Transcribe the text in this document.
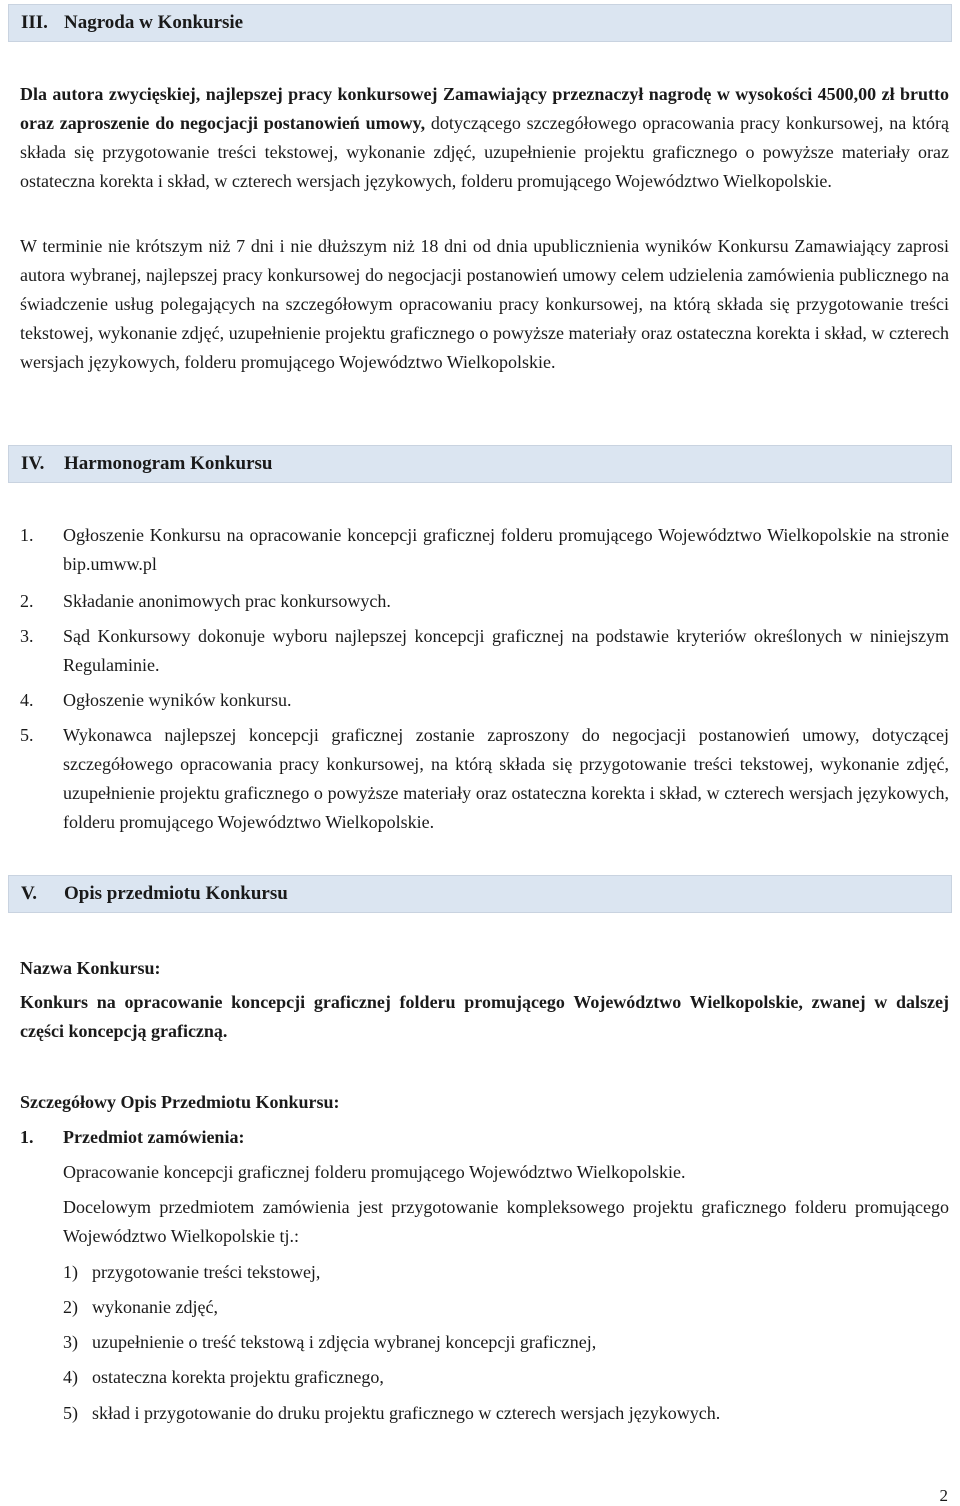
III. Nagroda w Konkursie
Dla autora zwycięskiej, najlepszej pracy konkursowej Zamawiający przeznaczył nagrodę w wysokości 4500,00 zł brutto oraz zaproszenie do negocjacji postanowień umowy, dotyczącego szczegółowego opracowania pracy konkursowej, na którą składa się przygotowanie treści tekstowej, wykonanie zdjęć, uzupełnienie projektu graficznego o powyższe materiały oraz ostateczna korekta i skład, w czterech wersjach językowych, folderu promującego Województwo Wielkopolskie.
W terminie nie krótszym niż 7 dni i nie dłuższym niż 18 dni od dnia upublicznienia wyników Konkursu Zamawiający zaprosi autora wybranej, najlepszej pracy konkursowej do negocjacji postanowień umowy celem udzielenia zamówienia publicznego na świadczenie usług polegających na szczegółowym opracowaniu pracy konkursowej, na którą składa się przygotowanie treści tekstowej, wykonanie zdjęć, uzupełnienie projektu graficznego o powyższe materiały oraz ostateczna korekta i skład, w czterech wersjach językowych, folderu promującego Województwo Wielkopolskie.
IV. Harmonogram Konkursu
1. Ogłoszenie Konkursu na opracowanie koncepcji graficznej folderu promującego Województwo Wielkopolskie na stronie bip.umww.pl
2. Składanie anonimowych prac konkursowych.
3. Sąd Konkursowy dokonuje wyboru najlepszej koncepcji graficznej na podstawie kryteriów określonych w niniejszym Regulaminie.
4. Ogłoszenie wyników konkursu.
5. Wykonawca najlepszej koncepcji graficznej zostanie zaproszony do negocjacji postanowień umowy, dotyczącej szczegółowego opracowania pracy konkursowej, na którą składa się przygotowanie treści tekstowej, wykonanie zdjęć, uzupełnienie projektu graficznego o powyższe materiały oraz ostateczna korekta i skład, w czterech wersjach językowych, folderu promującego Województwo Wielkopolskie.
V. Opis przedmiotu Konkursu
Nazwa Konkursu:
Konkurs na opracowanie koncepcji graficznej folderu promującego Województwo Wielkopolskie, zwanej w dalszej części koncepcją graficzną.
Szczegółowy Opis Przedmiotu Konkursu:
1. Przedmiot zamówienia:
Opracowanie koncepcji graficznej folderu promującego Województwo Wielkopolskie.
Docelowym przedmiotem zamówienia jest przygotowanie kompleksowego projektu graficznego folderu promującego Województwo Wielkopolskie tj.:
1) przygotowanie treści tekstowej,
2) wykonanie zdjęć,
3) uzupełnienie o treść tekstową i zdjęcia wybranej koncepcji graficznej,
4) ostateczna korekta projektu graficznego,
5) skład i przygotowanie do druku projektu graficznego w czterech wersjach językowych.
2
